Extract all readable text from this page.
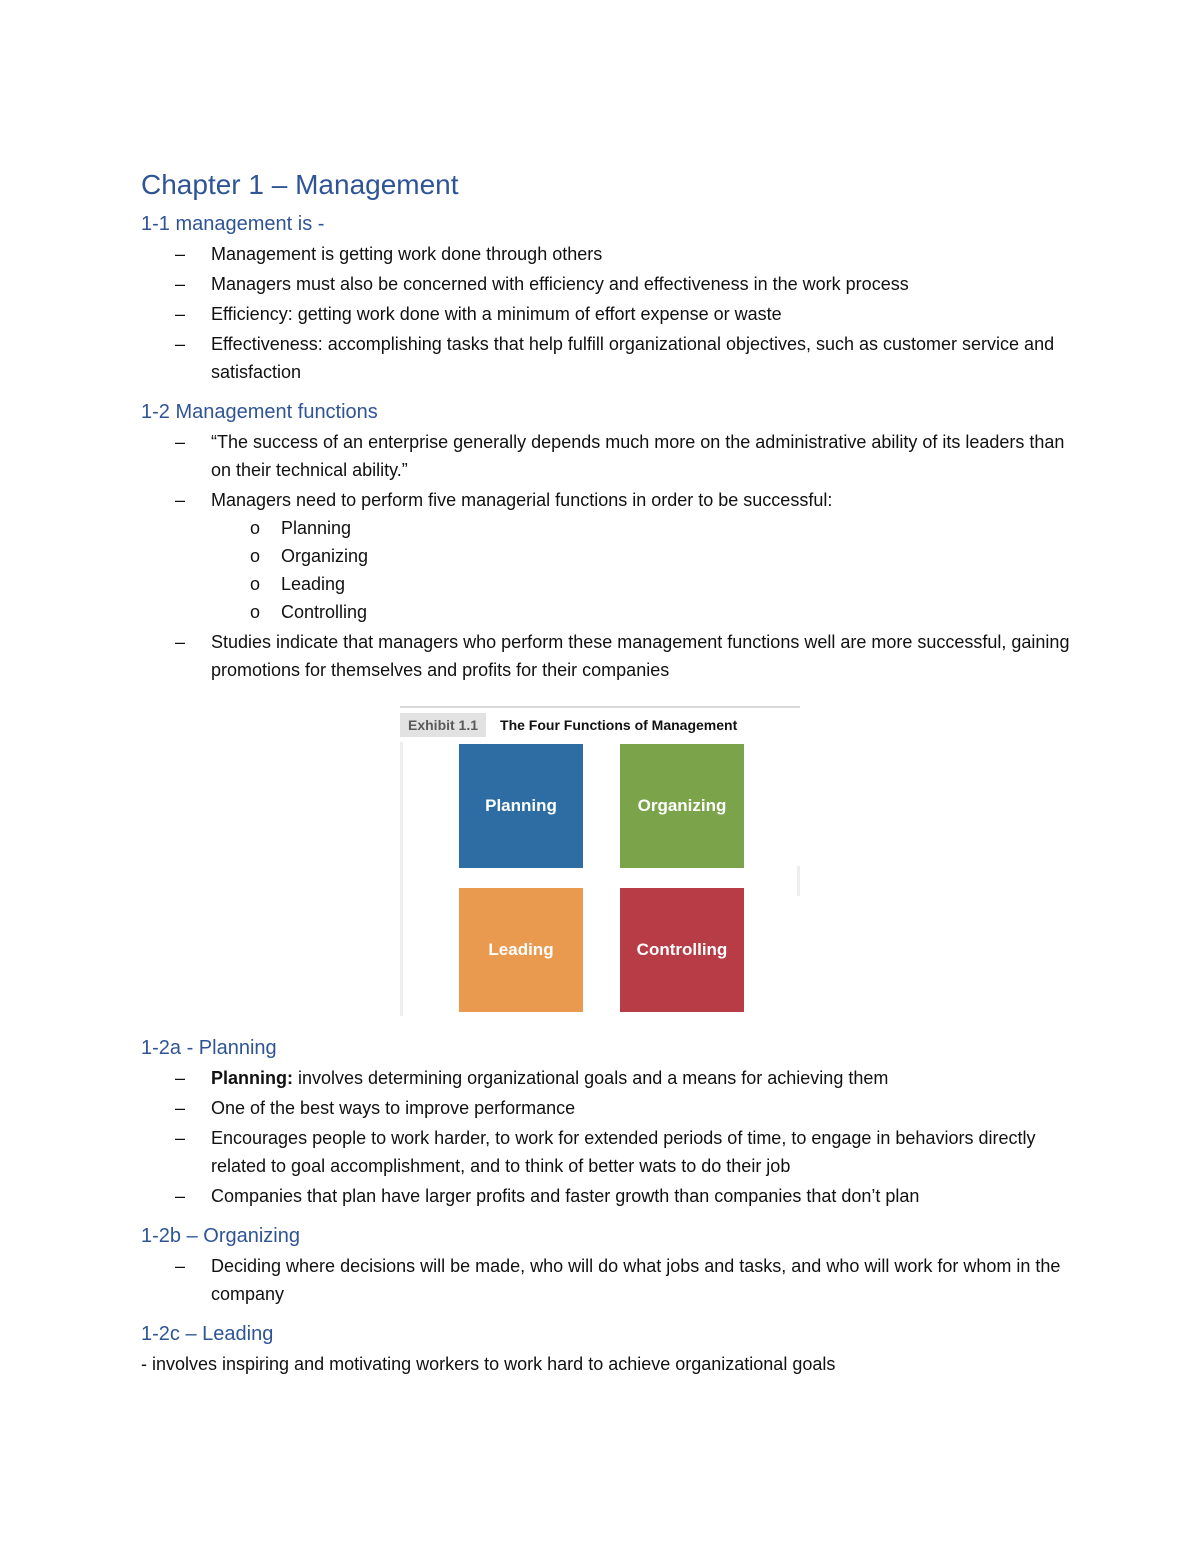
Chapter 1 – Management
1-1 management is -
– Management is getting work done through others
– Managers must also be concerned with efficiency and effectiveness in the work process
– Efficiency: getting work done with a minimum of effort expense or waste
– Effectiveness: accomplishing tasks that help fulfill organizational objectives, such as customer service and satisfaction
1-2 Management functions
– “The success of an enterprise generally depends much more on the administrative ability of its leaders than on their technical ability.”
– Managers need to perform five managerial functions in order to be successful:
o Planning
o Organizing
o Leading
o Controlling
– Studies indicate that managers who perform these management functions well are more successful, gaining promotions for themselves and profits for their companies
Exhibit 1.1	The Four Functions of Management
Planning	Organizing
Leading	Controlling
1-2a - Planning
– Planning: involves determining organizational goals and a means for achieving them
– One of the best ways to improve performance
– Encourages people to work harder, to work for extended periods of time, to engage in behaviors directly related to goal accomplishment, and to think of better wats to do their job
– Companies that plan have larger profits and faster growth than companies that don’t plan
1-2b – Organizing
– Deciding where decisions will be made, who will do what jobs and tasks, and who will work for whom in the company
1-2c – Leading

- involves inspiring and motivating workers to work hard to achieve organizational goals
